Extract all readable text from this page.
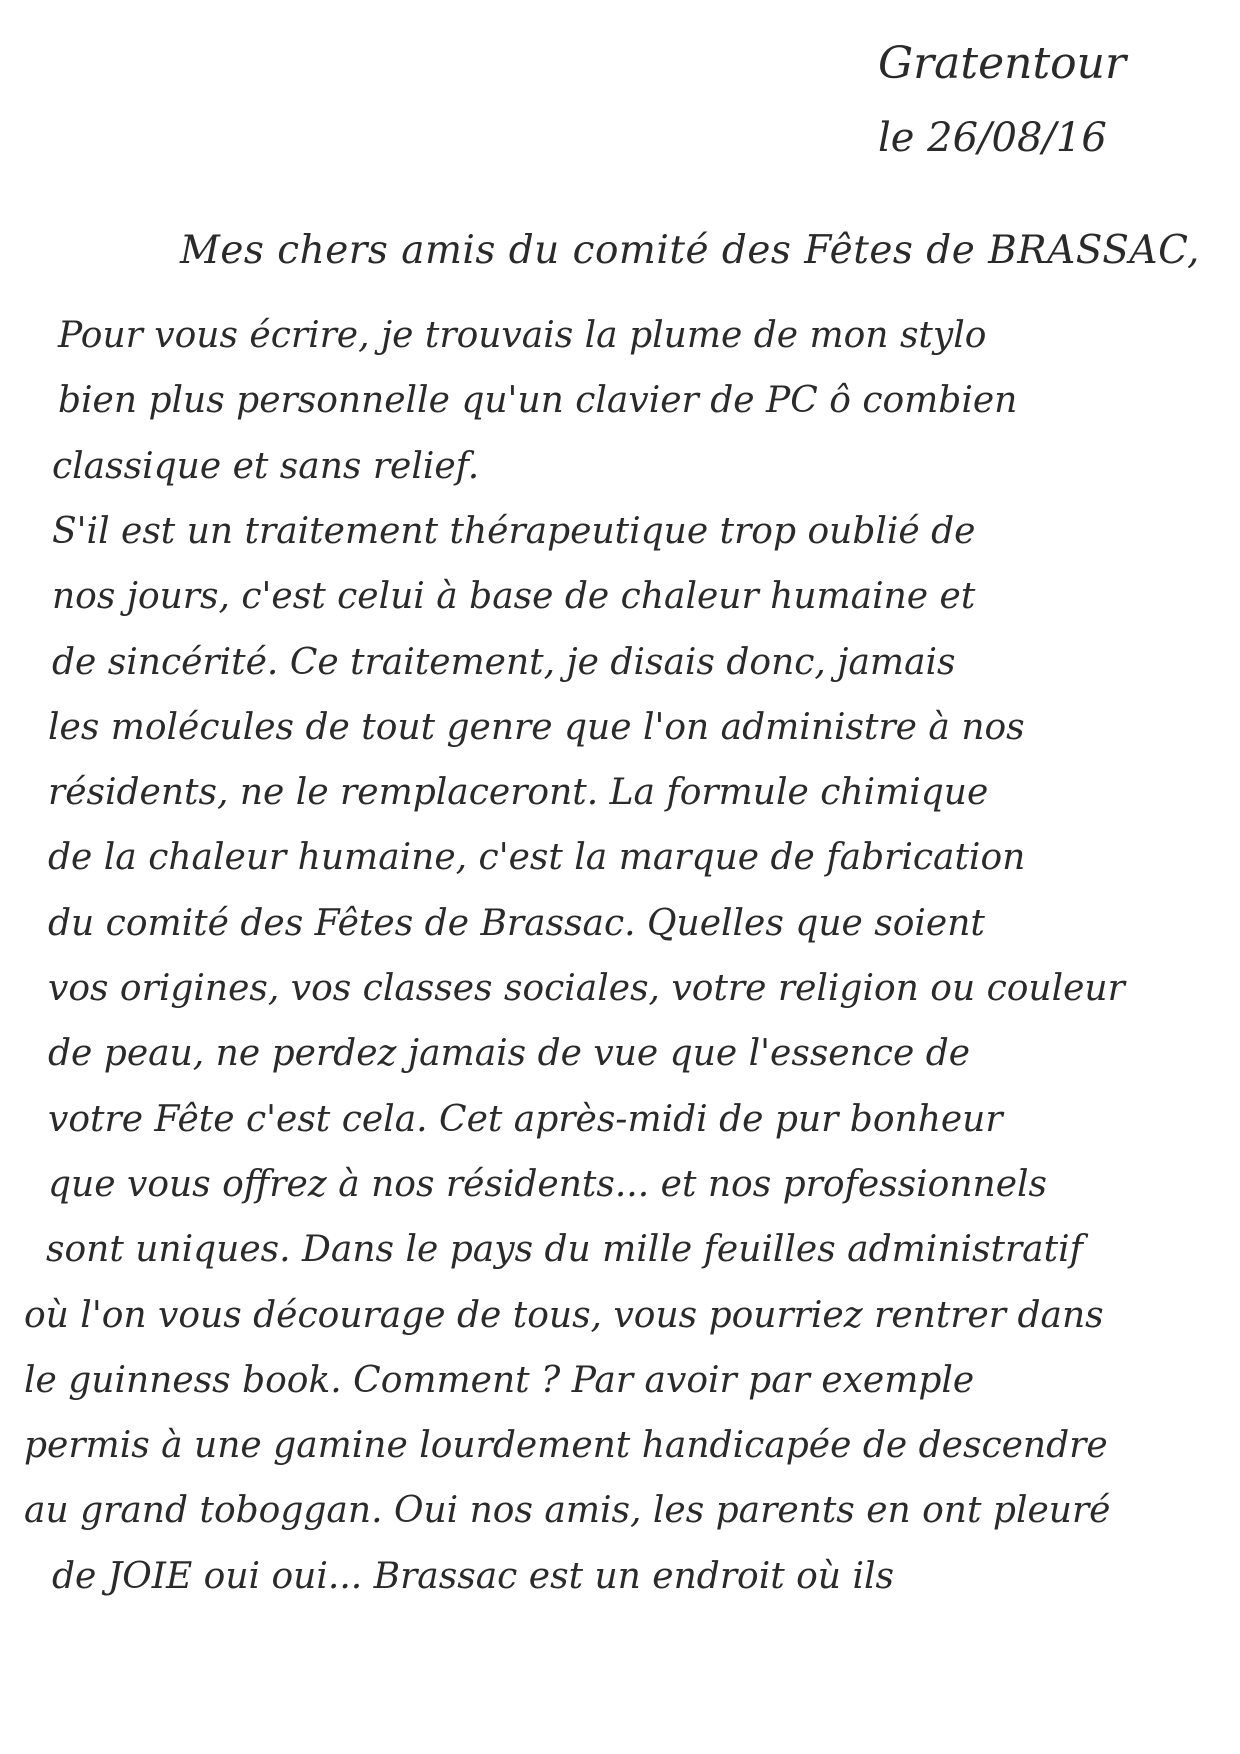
Gratentour

le 26/08/16

Mes chers amis du comité des Fêtes de BRASSAC,

Pour vous écrire, je trouvais la plume de mon stylo

bien plus personnelle qu'un clavier de PC ô combien

classique et sans relief.

S'il est un traitement thérapeutique trop oublié de

nos jours, c'est celui à base de chaleur humaine et

de sincérité. Ce traitement, je disais donc, jamais

les molécules de tout genre que l'on administre à nos

résidents, ne le remplaceront. La formule chimique

de la chaleur humaine, c'est la marque de fabrication

du comité des Fêtes de Brassac. Quelles que soient

vos origines, vos classes sociales, votre religion ou couleur

de peau, ne perdez jamais de vue que l'essence de

votre Fête c'est cela. Cet après-midi de pur bonheur

que vous offrez à nos résidents... et nos professionnels

sont uniques. Dans le pays du mille feuilles administratif

où l'on vous décourage de tous, vous pourriez rentrer dans

le guinness book. Comment ? Par avoir par exemple

permis à une gamine lourdement handicapée de descendre

au grand toboggan. Oui nos amis, les parents en ont pleuré

de JOIE oui oui... Brassac est un endroit où ils
